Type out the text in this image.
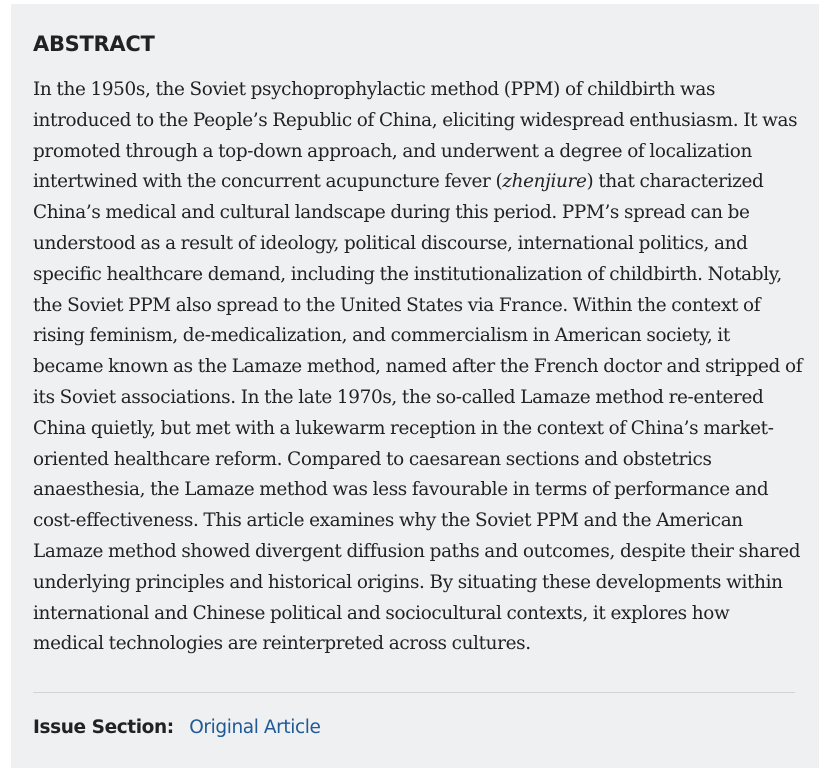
ABSTRACT

In the 1950s, the Soviet psychoprophylactic method (PPM) of childbirth was introduced to the People’s Republic of China, eliciting widespread enthusiasm. It was promoted through a top-down approach, and underwent a degree of localization intertwined with the concurrent acupuncture fever (zhenjiure) that characterized China’s medical and cultural landscape during this period. PPM’s spread can be understood as a result of ideology, political discourse, international politics, and specific healthcare demand, including the institutionalization of childbirth. Notably, the Soviet PPM also spread to the United States via France. Within the context of rising feminism, de-medicalization, and commercialism in American society, it became known as the Lamaze method, named after the French doctor and stripped of its Soviet associations. In the late 1970s, the so-called Lamaze method re-entered China quietly, but met with a lukewarm reception in the context of China’s market-oriented healthcare reform. Compared to caesarean sections and obstetrics anaesthesia, the Lamaze method was less favourable in terms of performance and cost-effectiveness. This article examines why the Soviet PPM and the American Lamaze method showed divergent diffusion paths and outcomes, despite their shared underlying principles and historical origins. By situating these developments within international and Chinese political and sociocultural contexts, it explores how medical technologies are reinterpreted across cultures.

Issue Section: Original Article
